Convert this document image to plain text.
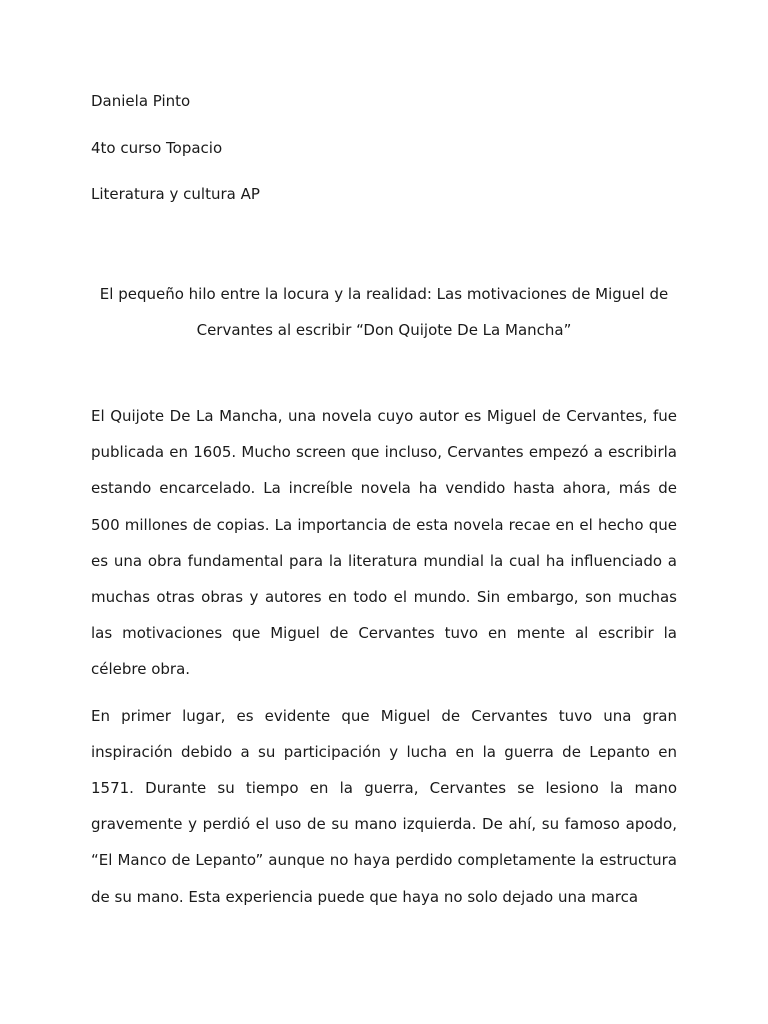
Daniela Pinto

4to curso Topacio

Literatura y cultura AP

El pequeño hilo entre la locura y la realidad: Las motivaciones de Miguel de
Cervantes al escribir “Don Quijote De La Mancha”

El Quijote De La Mancha, una novela cuyo autor es Miguel de Cervantes, fue publicada en 1605. Mucho screen que incluso, Cervantes empezó a escribirla estando encarcelado. La increíble novela ha vendido hasta ahora, más de 500 millones de copias. La importancia de esta novela recae en el hecho que es una obra fundamental para la literatura mundial la cual ha influenciado a muchas otras obras y autores en todo el mundo. Sin embargo, son muchas las motivaciones que Miguel de Cervantes tuvo en mente al escribir la célebre obra.

En primer lugar, es evidente que Miguel de Cervantes tuvo una gran inspiración debido a su participación y lucha en la guerra de Lepanto en 1571. Durante su tiempo en la guerra, Cervantes se lesiono la mano gravemente y perdió el uso de su mano izquierda. De ahí, su famoso apodo, “El Manco de Lepanto” aunque no haya perdido completamente la estructura de su mano. Esta experiencia puede que haya no solo dejado una marca
